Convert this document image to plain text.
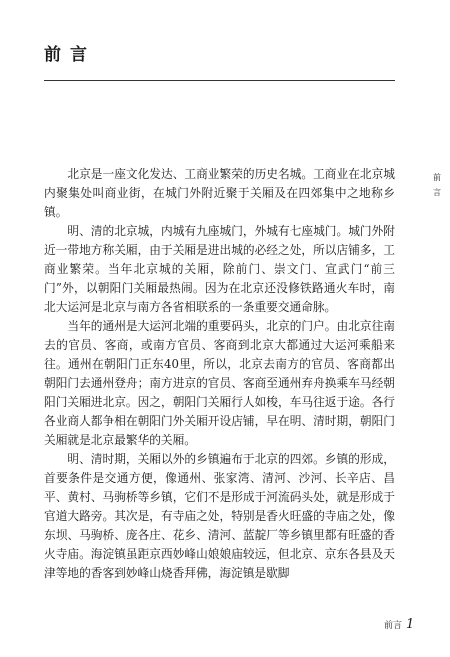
前言
前言

北京是一座文化发达、工商业繁荣的历史名城。工商业在北京城内聚集处叫商业街，在城门外附近聚于关厢及在四郊集中之地称乡镇。

明、清的北京城，内城有九座城门，外城有七座城门。城门外附近一带地方称关厢，由于关厢是进出城的必经之处，所以店铺多，工商业繁荣。当年北京城的关厢，除前门、崇文门、宣武门“前三门”外，以朝阳门关厢最热闹。因为在北京还没修铁路通火车时，南北大运河是北京与南方各省相联系的一条重要交通命脉。

当年的通州是大运河北端的重要码头，北京的门户。由北京往南去的官员、客商，或南方官员、客商到北京大都通过大运河乘船来往。通州在朝阳门正东40里，所以，北京去南方的官员、客商都出朝阳门去通州登舟；南方进京的官员、客商至通州弃舟换乘车马经朝阳门关厢进北京。因之，朝阳门关厢行人如梭，车马往返于途。各行各业商人都争相在朝阳门外关厢开设店铺，早在明、清时期，朝阳门关厢就是北京最繁华的关厢。

明、清时期，关厢以外的乡镇遍布于北京的四郊。乡镇的形成，首要条件是交通方便，像通州、张家湾、清河、沙河、长辛店、昌平、黄村、马驹桥等乡镇，它们不是形成于河流码头处，就是形成于官道大路旁。其次是，有寺庙之处，特别是香火旺盛的寺庙之处，像东坝、马驹桥、庞各庄、花乡、清河、蓝靛厂等乡镇里都有旺盛的香火寺庙。海淀镇虽距京西妙峰山娘娘庙较远，但北京、京东各县及天津等地的香客到妙峰山烧香拜佛，海淀镇是歇脚

前言 1
